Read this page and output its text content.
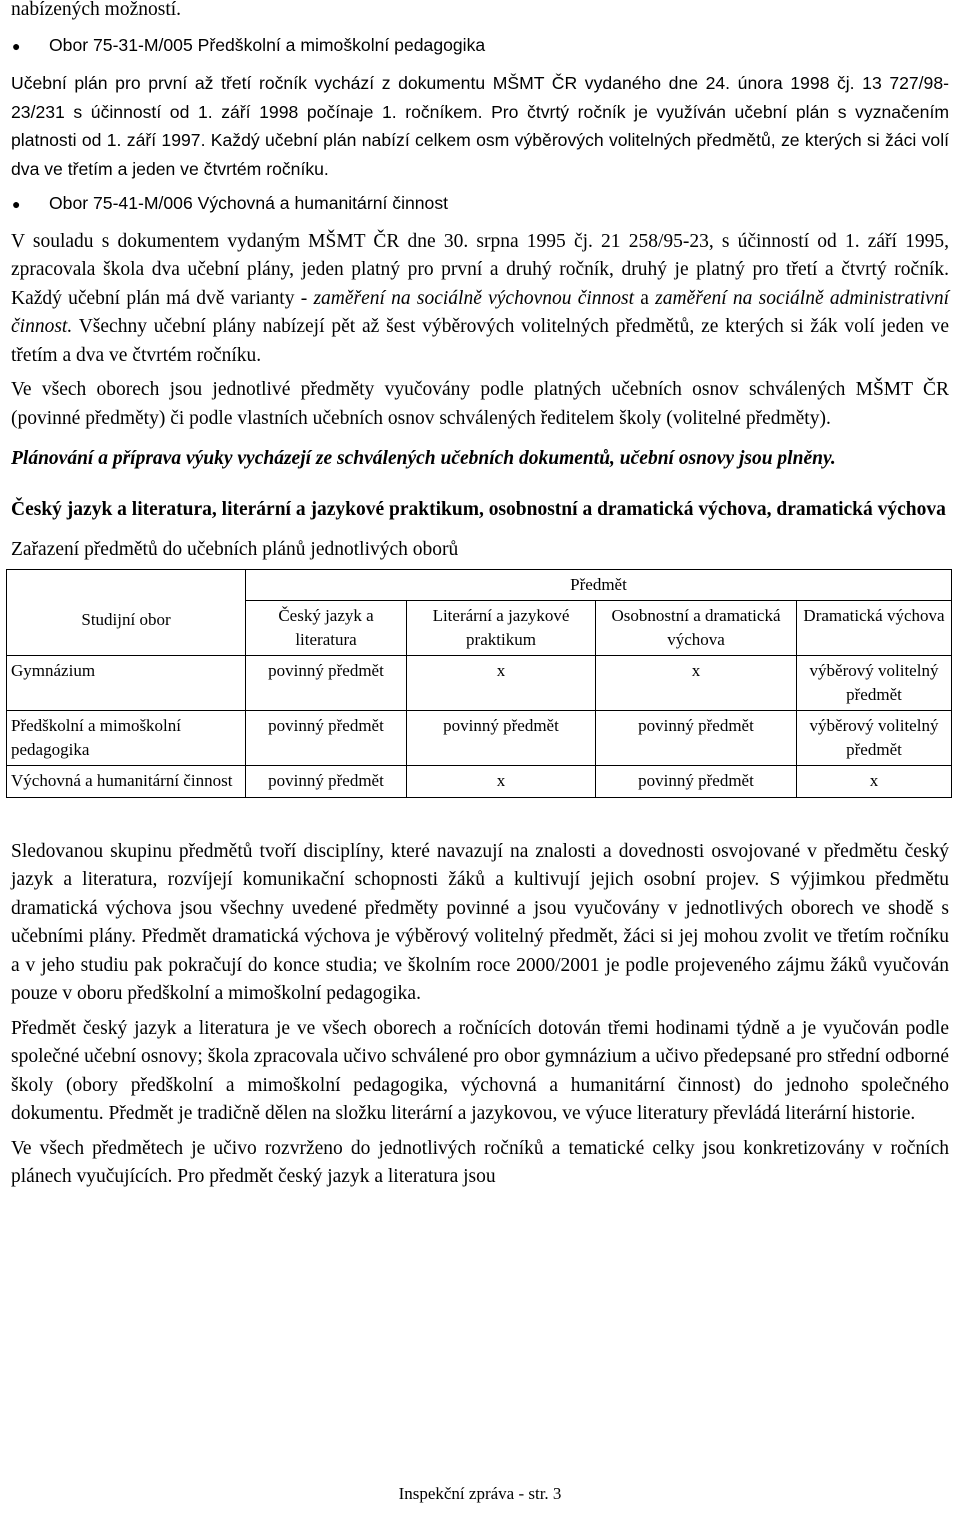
nabízených možností.

●	Obor 75-31-M/005 Předškolní a mimoškolní pedagogika

Učební plán pro první až třetí ročník vychází z dokumentu MŠMT ČR vydaného dne 24. února 1998 čj. 13 727/98-23/231 s účinností od 1. září 1998 počínaje 1. ročníkem. Pro čtvrtý ročník je využíván učební plán s vyznačením platnosti od 1. září 1997. Každý učební plán nabízí celkem osm výběrových volitelných předmětů, ze kterých si žáci volí dva ve třetím a jeden ve čtvrtém ročníku.

●	Obor 75-41-M/006 Výchovná a humanitární činnost

V souladu s dokumentem vydaným MŠMT ČR dne 30. srpna 1995 čj. 21 258/95-23, s účinností od 1. září 1995, zpracovala škola dva učební plány, jeden platný pro první a druhý ročník, druhý je platný pro třetí a čtvrtý ročník. Každý učební plán má dvě varianty - zaměření na sociálně výchovnou činnost a zaměření na sociálně administrativní činnost. Všechny učební plány nabízejí pět až šest výběrových volitelných předmětů, ze kterých si žák volí jeden ve třetím a dva ve čtvrtém ročníku.

Ve všech oborech jsou jednotlivé předměty vyučovány podle platných učebních osnov schválených MŠMT ČR (povinné předměty) či podle vlastních učebních osnov schválených ředitelem školy (volitelné předměty).

Plánování a příprava výuky vycházejí ze schválených učebních dokumentů, učební osnovy jsou plněny.

Český jazyk a literatura, literární a jazykové praktikum, osobnostní a dramatická výchova, dramatická výchova

Zařazení předmětů do učebních plánů jednotlivých oborů

Studijní obor	Předmět			
	Český jazyk a literatura	Literární a jazykové praktikum	Osobnostní a dramatická výchova	Dramatická výchova
Gymnázium	povinný předmět	x	x	výběrový volitelný předmět
Předškolní a mimoškolní pedagogika	povinný předmět	povinný předmět	povinný předmět	výběrový volitelný předmět
Výchovná a humanitární činnost	povinný předmět	x	povinný předmět	x

Sledovanou skupinu předmětů tvoří disciplíny, které navazují na znalosti a dovednosti osvojované v předmětu český jazyk a literatura, rozvíjejí komunikační schopnosti žáků a kultivují jejich osobní projev. S výjimkou předmětu dramatická výchova jsou všechny uvedené předměty povinné a jsou vyučovány v jednotlivých oborech ve shodě s učebními plány. Předmět dramatická výchova je výběrový volitelný předmět, žáci si jej mohou zvolit ve třetím ročníku a v jeho studiu pak pokračují do konce studia; ve školním roce 2000/2001 je podle projeveného zájmu žáků vyučován pouze v oboru předškolní a mimoškolní pedagogika.

Předmět český jazyk a literatura je ve všech oborech a ročnících dotován třemi hodinami týdně a je vyučován podle společné učební osnovy; škola zpracovala učivo schválené pro obor gymnázium a učivo předepsané pro střední odborné školy (obory předškolní a mimoškolní pedagogika, výchovná a humanitární činnost) do jednoho společného dokumentu. Předmět je tradičně dělen na složku literární a jazykovou, ve výuce literatury převládá literární historie.

Ve všech předmětech je učivo rozvrženo do jednotlivých ročníků a tematické celky jsou konkretizovány v ročních plánech vyučujících. Pro předmět český jazyk a literatura jsou

Inspekční zpráva - str. 3
